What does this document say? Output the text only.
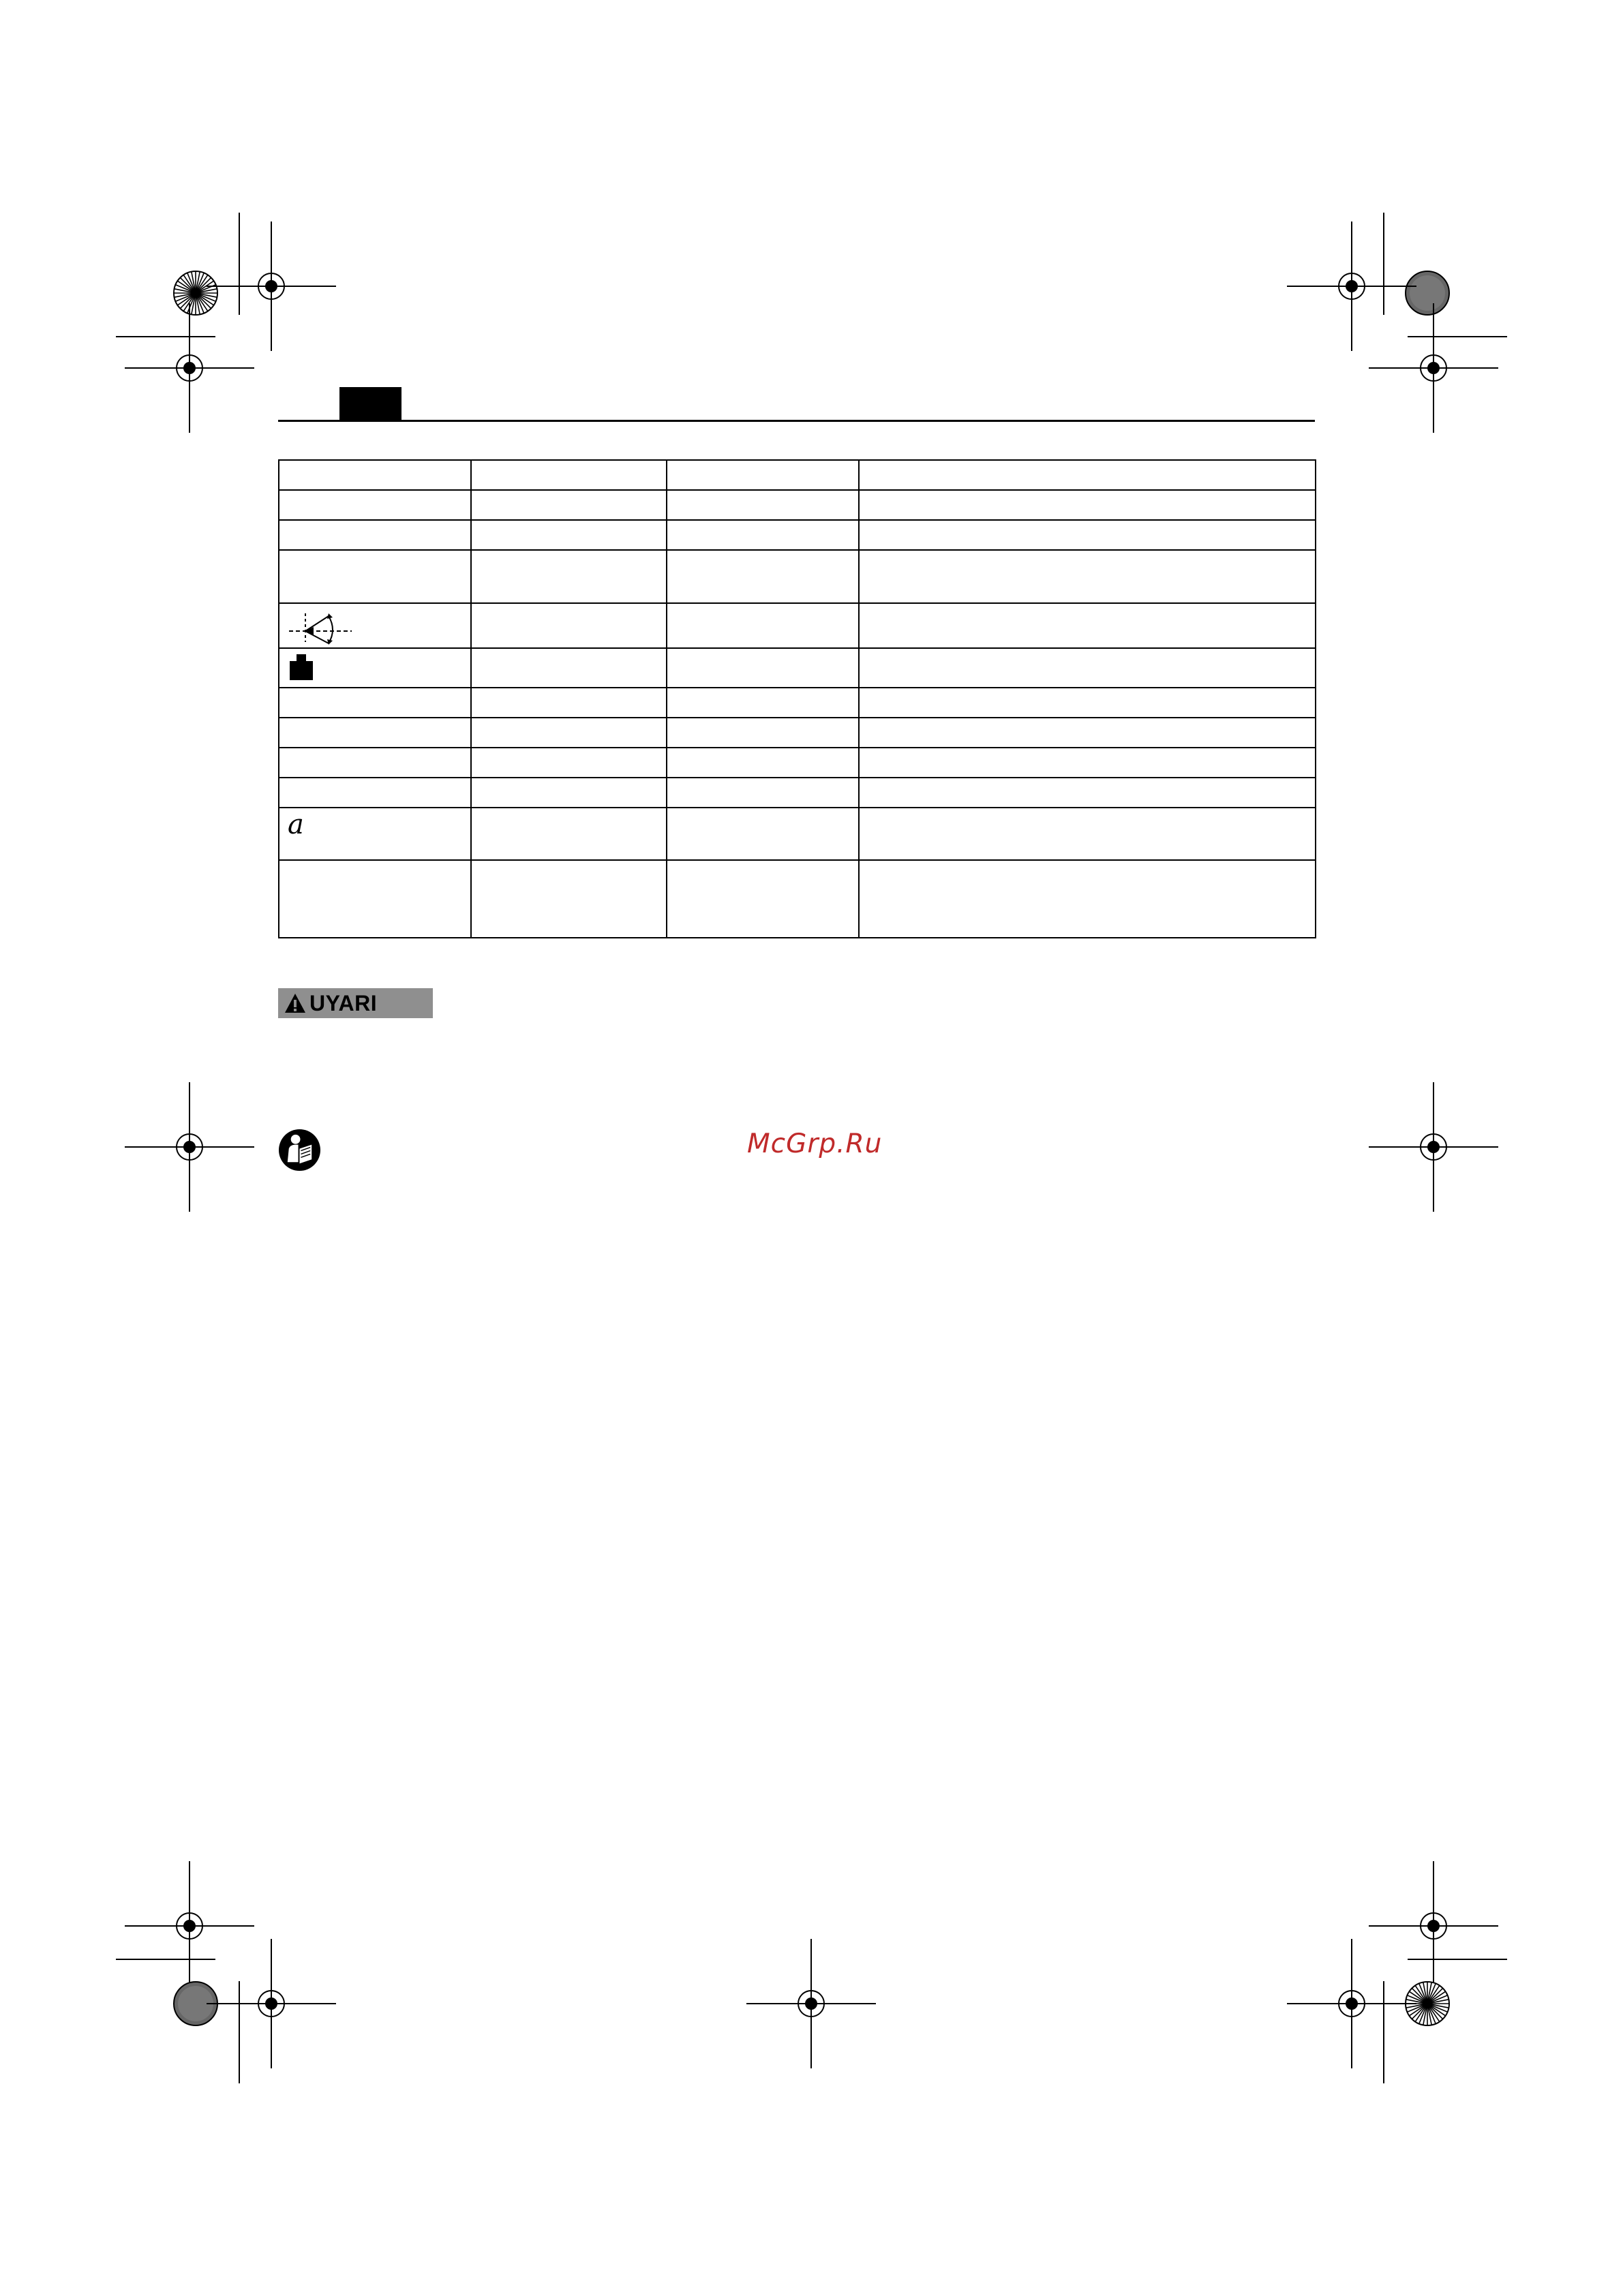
a			

UYARI
McGrp.Ru
